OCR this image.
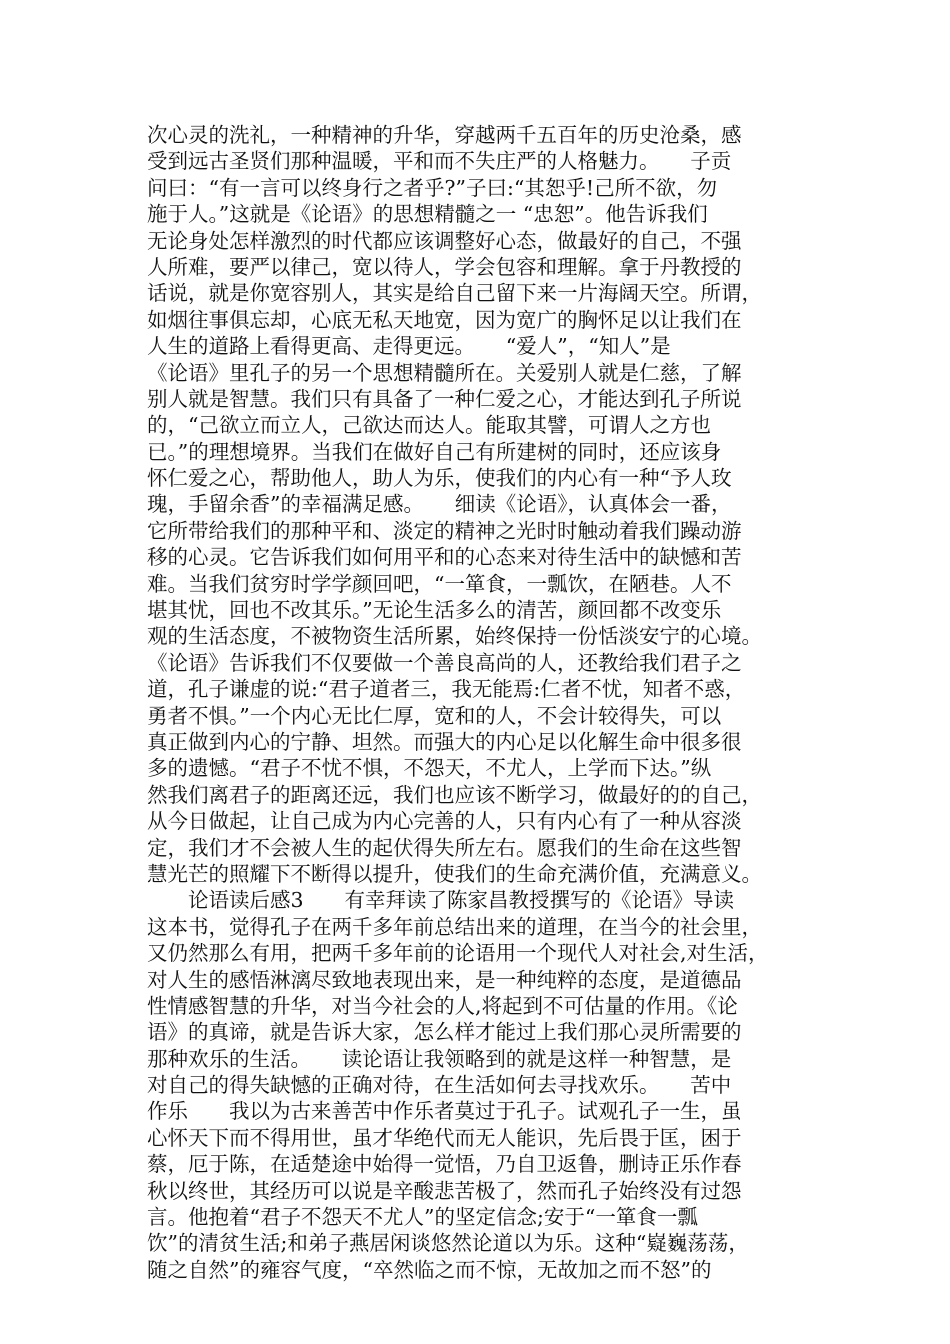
次心灵的洗礼，一种精神的升华，穿越两千五百年的历史沧桑，感
受到远古圣贤们那种温暖，平和而不失庄严的人格魅力。　　子贡
问曰：“有一言可以终身行之者乎?”子曰:“其恕乎!己所不欲，勿
施于人。”这就是《论语》的思想精髓之一 “忠恕”。他告诉我们
无论身处怎样激烈的时代都应该调整好心态，做最好的自己，不强
人所难，要严以律己，宽以待人，学会包容和理解。拿于丹教授的
话说，就是你宽容别人，其实是给自己留下来一片海阔天空。所谓，
如烟往事俱忘却，心底无私天地宽，因为宽广的胸怀足以让我们在
人生的道路上看得更高、走得更远。　　“爱人”，“知人”是
《论语》里孔子的另一个思想精髓所在。关爱别人就是仁慈，了解
别人就是智慧。我们只有具备了一种仁爱之心，才能达到孔子所说
的，“己欲立而立人，己欲达而达人。能取其譬，可谓人之方也
已。”的理想境界。当我们在做好自己有所建树的同时，还应该身
怀仁爱之心，帮助他人，助人为乐，使我们的内心有一种“予人玫
瑰，手留余香”的幸福满足感。　　细读《论语》，认真体会一番，
它所带给我们的那种平和、淡定的精神之光时时触动着我们躁动游
移的心灵。它告诉我们如何用平和的心态来对待生活中的缺憾和苦
难。当我们贫穷时学学颜回吧，“一箪食，一瓢饮，在陋巷。人不
堪其忧，回也不改其乐。”无论生活多么的清苦，颜回都不改变乐
观的生活态度，不被物资生活所累，始终保持一份恬淡安宁的心境。
《论语》告诉我们不仅要做一个善良高尚的人，还教给我们君子之
道，孔子谦虚的说:“君子道者三，我无能焉:仁者不忧，知者不惑，
勇者不惧。”一个内心无比仁厚，宽和的人，不会计较得失，可以
真正做到内心的宁静、坦然。而强大的内心足以化解生命中很多很
多的遗憾。“君子不忧不惧，不怨天，不尤人，上学而下达。”纵
然我们离君子的距离还远，我们也应该不断学习，做最好的的自己，
从今日做起，让自己成为内心完善的人，只有内心有了一种从容淡
定，我们才不会被人生的起伏得失所左右。愿我们的生命在这些智
慧光芒的照耀下不断得以提升，使我们的生命充满价值，充满意义。
　　论语读后感3　　有幸拜读了陈家昌教授撰写的《论语》导读
这本书，觉得孔子在两千多年前总结出来的道理，在当今的社会里，
又仍然那么有用，把两千多年前的论语用一个现代人对社会,对生活，
对人生的感悟淋漓尽致地表现出来，是一种纯粹的态度，是道德品
性情感智慧的升华，对当今社会的人,将起到不可估量的作用。《论
语》的真谛，就是告诉大家，怎么样才能过上我们那心灵所需要的
那种欢乐的生活。　　读论语让我领略到的就是这样一种智慧，是
对自己的得失缺憾的正确对待，在生活如何去寻找欢乐。　　苦中
作乐　　我以为古来善苦中作乐者莫过于孔子。试观孔子一生，虽
心怀天下而不得用世，虽才华绝代而无人能识，先后畏于匡，困于
蔡，厄于陈，在适楚途中始得一觉悟，乃自卫返鲁，删诗正乐作春
秋以终世，其经历可以说是辛酸悲苦极了，然而孔子始终没有过怨
言。他抱着“君子不怨天不尤人”的坚定信念;安于“一箪食一瓢
饮”的清贫生活;和弟子燕居闲谈悠然论道以为乐。这种“嶷巍荡荡，
随之自然”的雍容气度，“卒然临之而不惊，无故加之而不怒”的
